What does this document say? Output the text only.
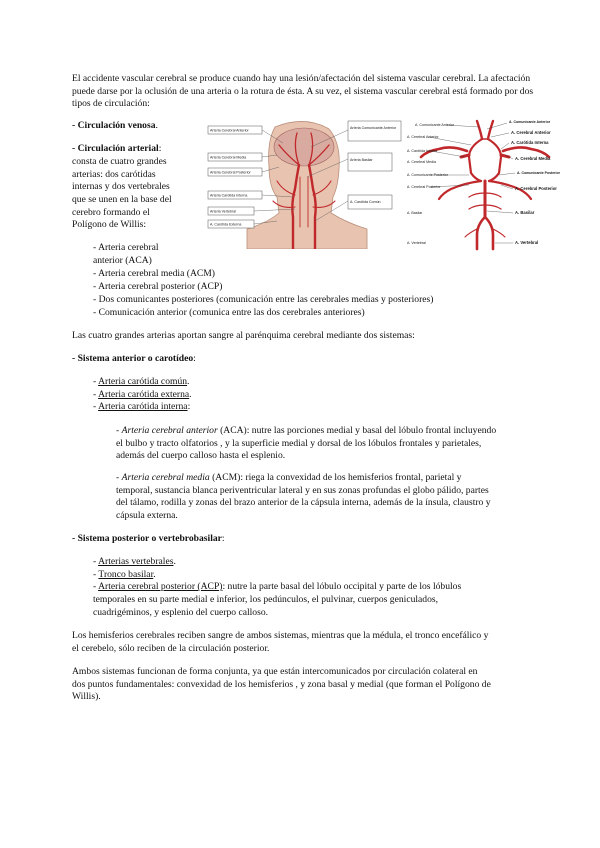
El accidente vascular cerebral se produce cuando hay una lesión/afectación del sistema vascular cerebral. La afectación puede darse por la oclusión de una arteria o la rotura de ésta. A su vez, el sistema vascular cerebral está formado por dos tipos de circulación:

- Circulación venosa.

- Circulación arterial:

consta de cuatro grandes

arterias: dos carótidas

internas y dos vertebrales

que se unen en la base del

cerebro formando el

Polígono de Willis:

- Arteria cerebral

anterior (ACA)

- Arteria cerebral media (ACM)

- Arteria cerebral posterior (ACP)

- Dos comunicantes posteriores (comunicación entre las cerebrales medias y posteriores)

- Comunicación anterior (comunica entre las dos cerebrales anteriores)

Las cuatro grandes arterias aportan sangre al parénquima cerebral mediante dos sistemas:

- Sistema anterior o carotídeo:

- Arteria carótida común.

- Arteria carótida externa.

- Arteria carótida interna:

- Arteria cerebral anterior (ACA): nutre las porciones medial y basal del lóbulo frontal incluyendo

el bulbo y tracto olfatorios , y la superficie medial y dorsal de los lóbulos frontales y parietales,

además del cuerpo calloso hasta el esplenio.

- Arteria cerebral media (ACM): riega la convexidad de los hemisferios frontal, parietal y

temporal, sustancia blanca periventricular lateral y en sus zonas profundas el globo pálido, partes

del tálamo, rodilla y zonas del brazo anterior de la cápsula interna, además de la ínsula, claustro y

cápsula externa.

- Sistema posterior o vertebrobasilar:

- Arterias vertebrales.

- Tronco basilar.

- Arteria cerebral posterior (ACP): nutre la parte basal del lóbulo occipital y parte de los lóbulos

temporales en su parte medial e inferior, los pedúnculos, el pulvinar, cuerpos geniculados,

cuadrigéminos, y esplenio del cuerpo calloso.

Los hemisferios cerebrales reciben sangre de ambos sistemas, mientras que la médula, el tronco encefálico y

el cerebelo, sólo reciben de la circulación posterior.

Ambos sistemas funcionan de forma conjunta, ya que están intercomunicados por circulación colateral en

dos puntos fundamentales: convexidad de los hemisferios , y zona basal y medial (que forman el Polígono de

Willis).

Arteria Cerebral Anterior
Arteria Cerebral Media
Arteria Cerebral Posterior
Arteria Carótida Interna
Arteria Vertebral
A. Carótida Externa
Arteria Comunicante Anterior
Arteria Basilar
A. Carótida Común
A. Comunicante Anterior
A. Cerebral Anterior
A. Carótida Interna
A. Comunicante Posterior
A. Cerebral Posterior
A. Comunicante Anterior
A. Cerebral Anterior
A. Carótida Interna
A. Cerebral Media
A. Comunicante Posterior
A. Cerebral Posterior
A. Basilar
A. Vertebral
A. Cerebral Media
A. Basilar
A. Vertebral
